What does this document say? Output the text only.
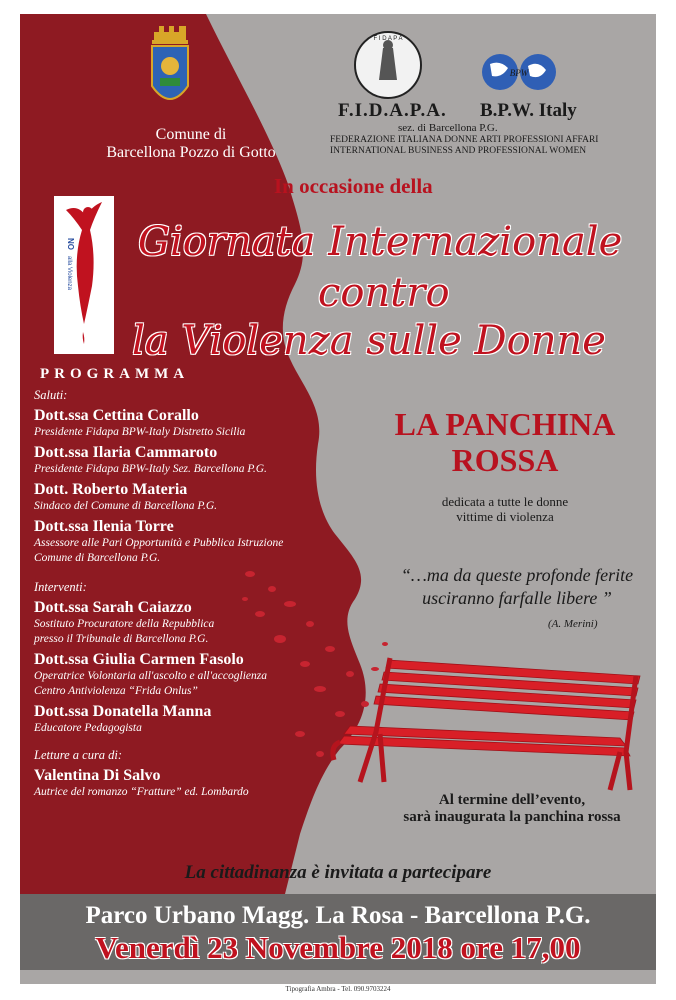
Comune di
Barcellona Pozzo di Gotto
F I D A P A
BPW
F.I.D.A.P.A. B.P.W. Italy
sez. di Barcellona P.G.
FEDERAZIONE ITALIANA DONNE ARTI PROFESSIONI AFFARI
INTERNATIONAL BUSINESS AND PROFESSIONAL WOMEN
In occasione della
NO
alla Violenza
Giornata Internazionale
contro
la Violenza sulle Donne
PROGRAMMA
Saluti:
Dott.ssa Cettina Corallo
Presidente Fidapa BPW-Italy Distretto Sicilia
Dott.ssa Ilaria Cammaroto
Presidente Fidapa BPW-Italy Sez. Barcellona P.G.
Dott. Roberto Materia
Sindaco del Comune di Barcellona P.G.
Dott.ssa Ilenia Torre
Assessore alle Pari Opportunità e Pubblica Istruzione
Comune di Barcellona P.G.
Interventi:
Dott.ssa Sarah Caiazzo
Sostituto Procuratore della Repubblica
presso il Tribunale di Barcellona P.G.
Dott.ssa Giulia Carmen Fasolo
Operatrice Volontaria all'ascolto e all'accoglienza
Centro Antiviolenza “Frida Onlus”
Dott.ssa Donatella Manna
Educatore Pedagogista
Letture a cura di:
Valentina Di Salvo
Autrice del romanzo “Fratture” ed. Lombardo
LA PANCHINA
ROSSA
dedicata a tutte le donne
vittime di violenza
“…ma da queste profonde ferite
usciranno farfalle libere ”
(A. Merini)
Al termine dell’evento,
sarà inaugurata la panchina rossa
La cittadinanza è invitata a partecipare
Parco Urbano Magg. La Rosa - Barcellona P.G.
Venerdì 23 Novembre 2018 ore 17,00
Tipografia Ambra - Tel. 090.9703224
